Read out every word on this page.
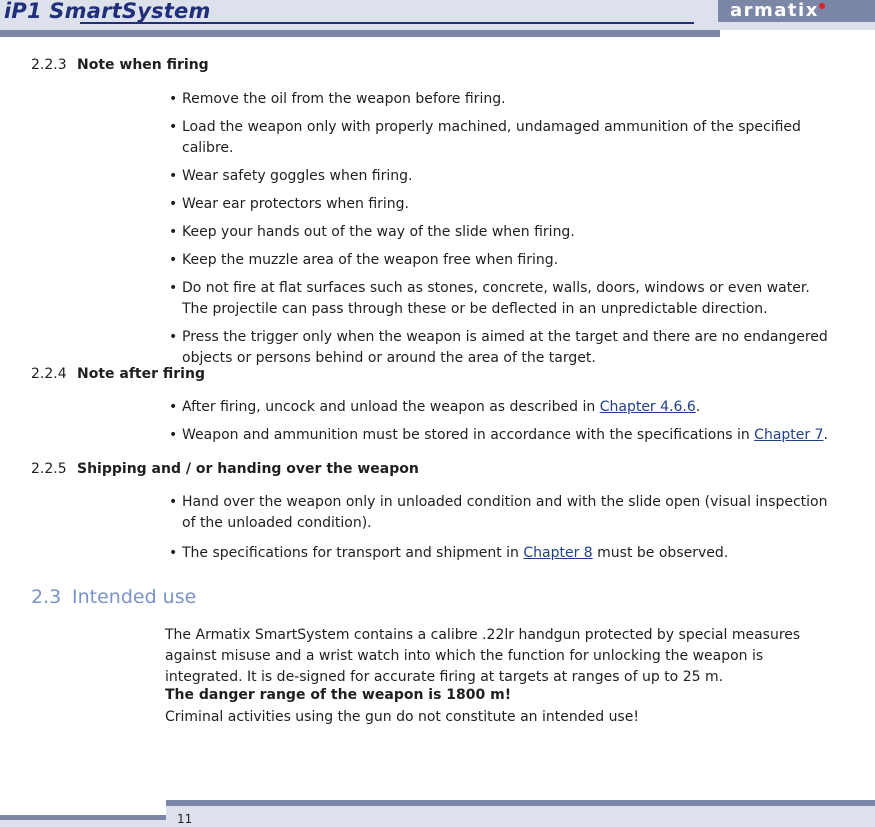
iP1 SmartSystem	armatix
2.2.3 Note when firing
• Remove the oil from the weapon before firing.
• Load the weapon only with properly machined, undamaged ammunition of the specified calibre.
• Wear safety goggles when firing.
• Wear ear protectors when firing.
• Keep your hands out of the way of the slide when firing.
• Keep the muzzle area of the weapon free when firing.
• Do not fire at flat surfaces such as stones, concrete, walls, doors, windows or even water. The projectile can pass through these or be deflected in an unpredictable direction.
• Press the trigger only when the weapon is aimed at the target and there are no endangered objects or persons behind or around the area of the target.
2.2.4 Note after firing
• After firing, uncock and unload the weapon as described in Chapter 4.6.6.
• Weapon and ammunition must be stored in accordance with the specifications in Chapter 7.
2.2.5 Shipping and / or handing over the weapon
• Hand over the weapon only in unloaded condition and with the slide open (visual inspection of the unloaded condition).
• The specifications for transport and shipment in Chapter 8 must be observed.
2.3 Intended use

The Armatix SmartSystem contains a calibre .22lr handgun protected by special measures against misuse and a wrist watch into which the function for unlocking the weapon is integrated. It is de-signed for accurate firing at targets at ranges of up to 25 m.

The danger range of the weapon is 1800 m!

Criminal activities using the gun do not constitute an intended use!

11
